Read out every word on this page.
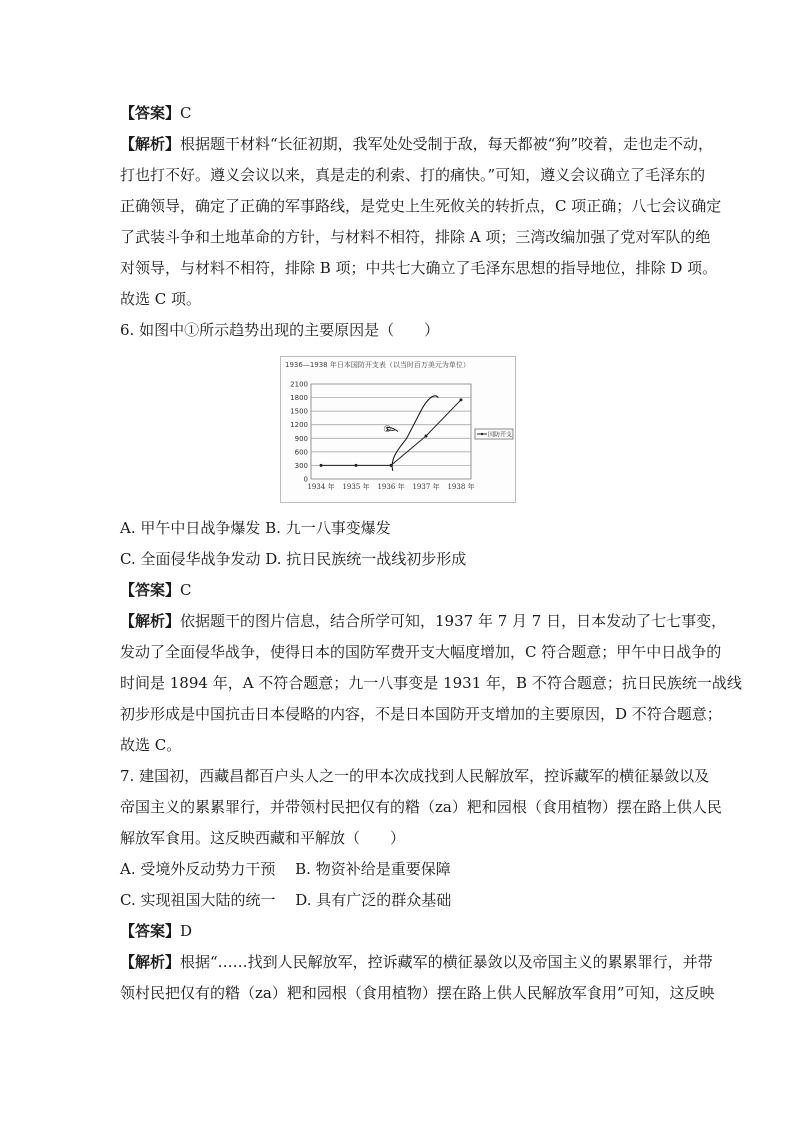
【答案】C
【解析】根据题干材料“长征初期，我军处处受制于敌，每天都被“狗”咬着，走也走不动，
打也打不好。遵义会议以来，真是走的利索、打的痛快。”可知，遵义会议确立了毛泽东的
正确领导，确定了正确的军事路线，是党史上生死攸关的转折点，C 项正确；八七会议确定
了武装斗争和土地革命的方针，与材料不相符，排除 A 项；三湾改编加强了党对军队的绝
对领导，与材料不相符，排除 B 项；中共七大确立了毛泽东思想的指导地位，排除 D 项。
故选 C 项。
6. 如图中①所示趋势出现的主要原因是（　　）
1936—1938 年日本国防开支表（以当时百万美元为单位）
0
300
600
900
1200
1500
1800
2100
1934 年 1935 年 1936 年 1937 年 1938 年
①
国防开支
A. 甲午中日战争爆发 B. 九一八事变爆发
C. 全面侵华战争发动 D. 抗日民族统一战线初步形成
【答案】C
【解析】依据题干的图片信息，结合所学可知，1937 年 7 月 7 日，日本发动了七七事变，
发动了全面侵华战争，使得日本的国防军费开支大幅度增加，C 符合题意；甲午中日战争的
时间是 1894 年，A 不符合题意；九一八事变是 1931 年，B 不符合题意；抗日民族统一战线
初步形成是中国抗击日本侵略的内容，不是日本国防开支增加的主要原因，D 不符合题意；
故选 C。
7. 建国初，西藏昌都百户头人之一的甲本次成找到人民解放军，控诉藏军的横征暴敛以及
帝国主义的累累罪行，并带领村民把仅有的糌（za）粑和园根（食用植物）摆在路上供人民
解放军食用。这反映西藏和平解放（　　）
A. 受境外反动势力干预　 B. 物资补给是重要保障
C. 实现祖国大陆的统一　 D. 具有广泛的群众基础
【答案】D
【解析】根据“……找到人民解放军，控诉藏军的横征暴敛以及帝国主义的累累罪行，并带
领村民把仅有的糌（za）粑和园根（食用植物）摆在路上供人民解放军食用”可知，这反映
